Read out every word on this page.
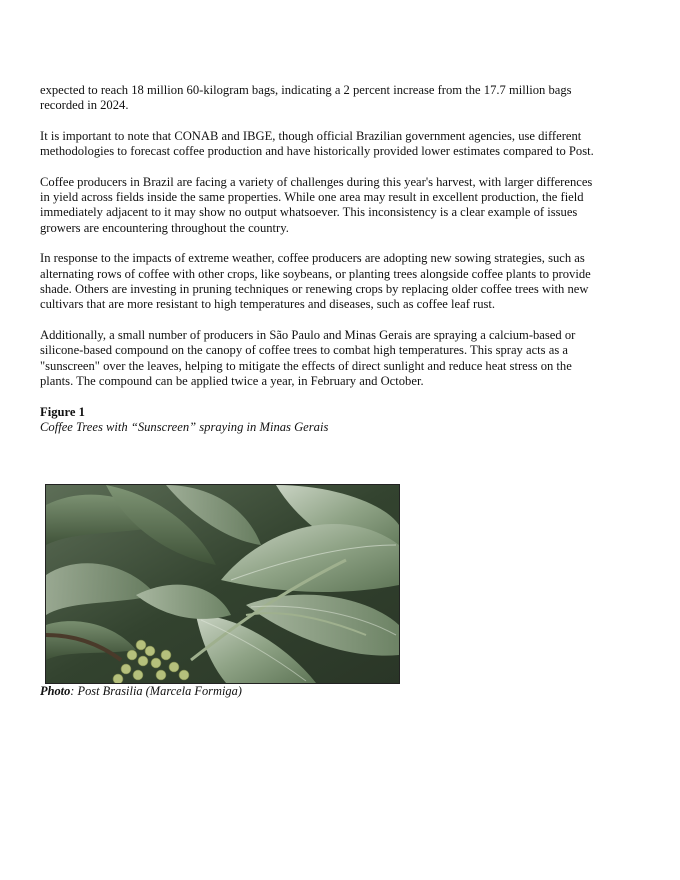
expected to reach 18 million 60-kilogram bags, indicating a 2 percent increase from the 17.7 million bags recorded in 2024.

It is important to note that CONAB and IBGE, though official Brazilian government agencies, use different methodologies to forecast coffee production and have historically provided lower estimates compared to Post.

Coffee producers in Brazil are facing a variety of challenges during this year's harvest, with larger differences in yield across fields inside the same properties. While one area may result in excellent production, the field immediately adjacent to it may show no output whatsoever. This inconsistency is a clear example of issues growers are encountering throughout the country.

In response to the impacts of extreme weather, coffee producers are adopting new sowing strategies, such as alternating rows of coffee with other crops, like soybeans, or planting trees alongside coffee plants to provide shade. Others are investing in pruning techniques or renewing crops by replacing older coffee trees with new cultivars that are more resistant to high temperatures and diseases, such as coffee leaf rust.

Additionally, a small number of producers in São Paulo and Minas Gerais are spraying a calcium-based or silicone-based compound on the canopy of coffee trees to combat high temperatures. This spray acts as a "sunscreen" over the leaves, helping to mitigate the effects of direct sunlight and reduce heat stress on the plants. The compound can be applied twice a year, in February and October.

Figure 1
Coffee Trees with “Sunscreen” spraying in Minas Gerais
Photo: Post Brasilia (Marcela Formiga)
